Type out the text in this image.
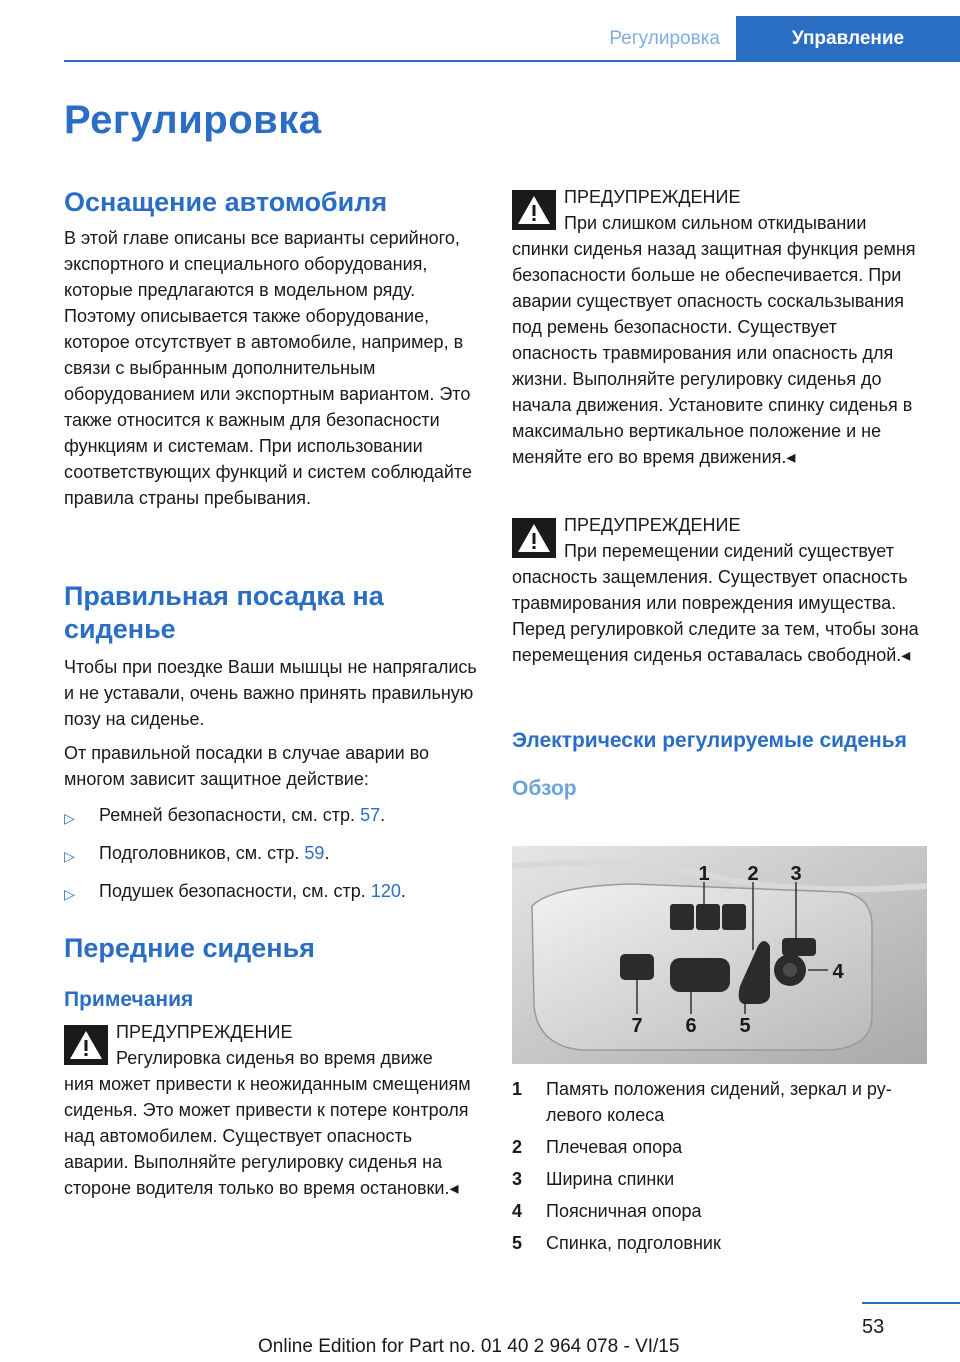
Регулировка	Управление
Регулировка
Оснащение автомобиля

В этой главе описаны все варианты серийного, экспортного и специального оборудования, которые предлагаются в модельном ряду. Поэтому описывается также оборудование, которое отсутствует в автомобиле, например, в связи с выбранным дополнительным оборудованием или экспортным вариантом. Это также относится к важным для безопасности функциям и системам. При использовании соответствующих функций и систем соблюдайте правила страны пребывания.

Правильная посадка на сиденье

Чтобы при поездке Ваши мышцы не напрягались и не уставали, очень важно принять правильную позу на сиденье.

От правильной посадки в случае аварии во многом зависит защитное действие:

▷ Ремней безопасности, см. стр. 57.
▷ Подголовников, см. стр. 59.
▷ Подушек безопасности, см. стр. 120.
Передние сиденья
Примечания
ПРЕДУПРЕЖДЕНИЕ
Регулировка сиденья во время движе
ния может привести к неожиданным смещениям сиденья. Это может привести к потере контроля над автомобилем. Существует опасность аварии. Выполняйте регулировку сиденья на стороне водителя только во время остановки.◂
ПРЕДУПРЕЖДЕНИЕ
При слишком сильном откидывании
спинки сиденья назад защитная функция ремня безопасности больше не обеспечивается. При аварии существует опасность соскальзывания под ремень безопасности. Существует опасность травмирования или опасность для жизни. Выполняйте регулировку сиденья до начала движения. Установите спинку сиденья в максимально вертикальное положение и не меняйте его во время движения.◂
ПРЕДУПРЕЖДЕНИЕ
При перемещении сидений существует
опасность защемления. Существует опасность травмирования или повреждения имущества. Перед регулировкой следите за тем, чтобы зона перемещения сиденья оставалась свободной.◂
Электрически регулируемые сиденья
Обзор
1 2 3
4
5
6
7
1 Память положения сидений, зеркал и рулевого колеса
2 Плечевая опора
3 Ширина спинки
4 Поясничная опора
5 Спинка, подголовник
53
Online Edition for Part no. 01 40 2 964 078 - VI/15
